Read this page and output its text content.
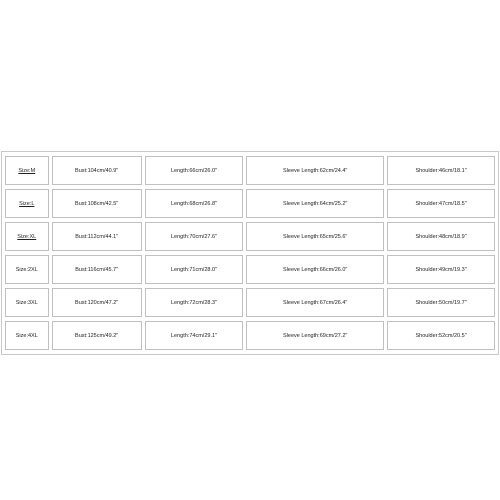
Size:M	Bust:104cm/40.9"	Length:66cm/26.0"	Sleeve Length:62cm/24.4"	Shoulder:46cm/18.1"
Size:L	Bust:108cm/42.5"	Length:68cm/26.8"	Sleeve Length:64cm/25.2"	Shoulder:47cm/18.5"
Size:XL	Bust:112cm/44.1"	Length:70cm/27.6"	Sleeve Length:65cm/25.6"	Shoulder:48cm/18.9"
Size:2XL	Bust:116cm/45.7"	Length:71cm/28.0"	Sleeve Length:66cm/26.0"	Shoulder:49cm/19.3"
Size:3XL	Bust:120cm/47.2"	Length:72cm/28.3"	Sleeve Length:67cm/26.4"	Shoulder:50cm/19.7"
Size:4XL	Bust:125cm/49.2"	Length:74cm/29.1"	Sleeve Length:69cm/27.2"	Shoulder:52cm/20.5"
